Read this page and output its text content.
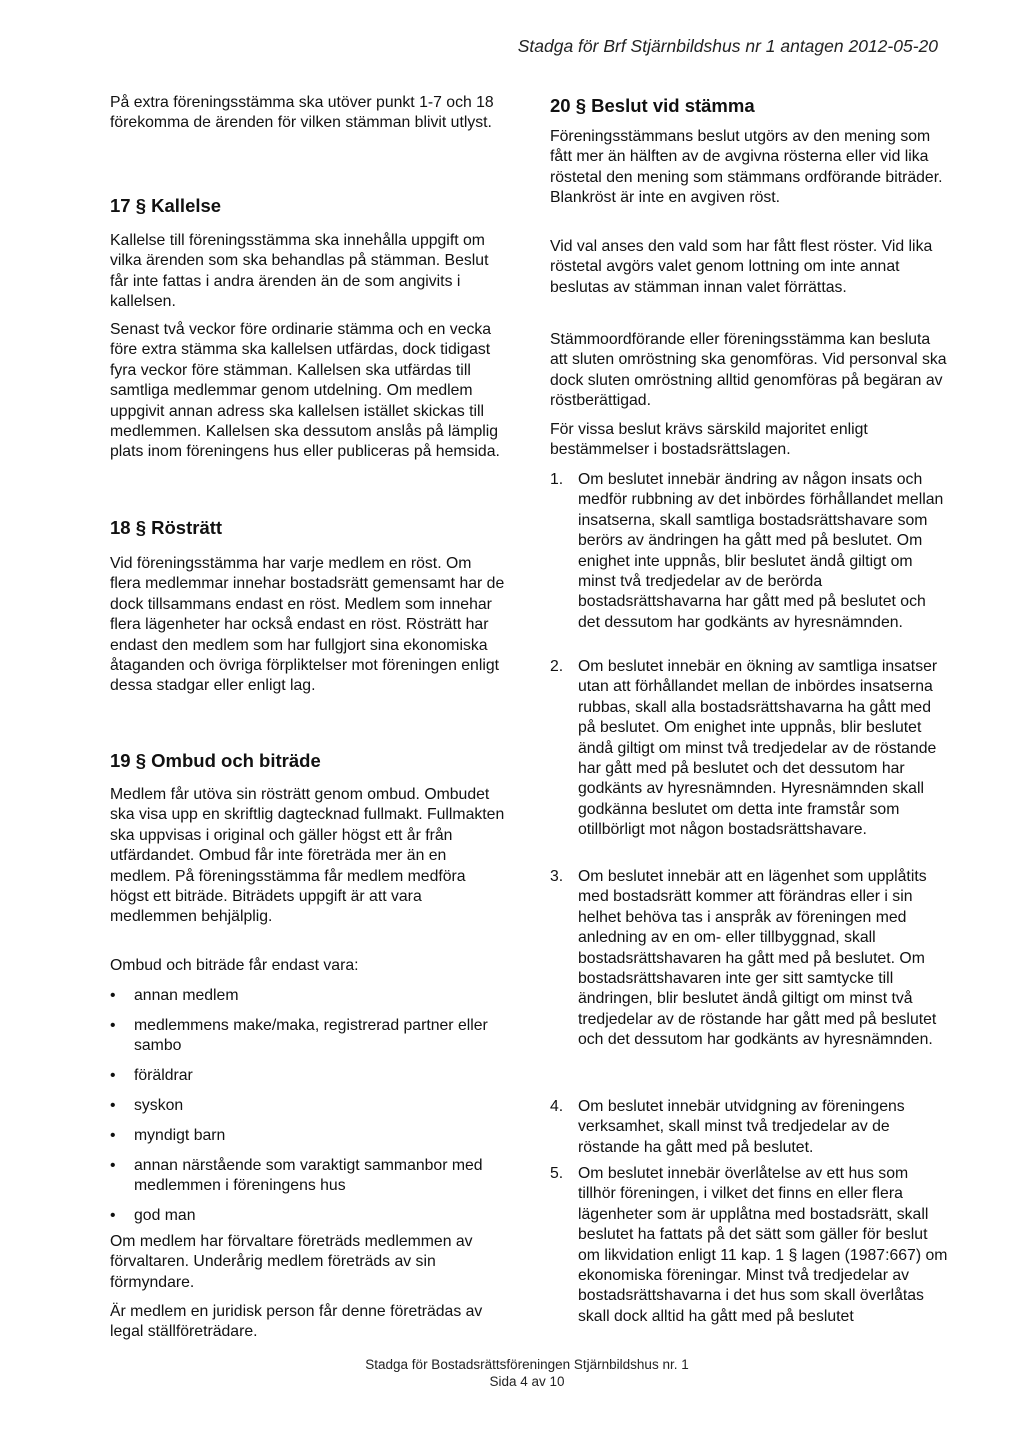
Stadga för Brf Stjärnbildshus nr 1 antagen 2012-05-20

På extra föreningsstämma ska utöver punkt 1-7 och 18 förekomma de ärenden för vilken stämman blivit utlyst.

17 § Kallelse

Kallelse till föreningsstämma ska innehålla uppgift om vilka ärenden som ska behandlas på stämman. Beslut får inte fattas i andra ärenden än de som angivits i kallelsen.

Senast två veckor före ordinarie stämma och en vecka före extra stämma ska kallelsen utfärdas, dock tidigast fyra veckor före stämman. Kallelsen ska utfärdas till samtliga medlemmar genom utdelning. Om medlem uppgivit annan adress ska kallelsen istället skickas till medlemmen. Kallelsen ska dessutom anslås på lämplig plats inom föreningens hus eller publiceras på hemsida.

18 § Rösträtt

Vid föreningsstämma har varje medlem en röst. Om flera medlemmar innehar bostadsrätt gemensamt har de dock tillsammans endast en röst. Medlem som innehar flera lägenheter har också endast en röst. Rösträtt har endast den medlem som har fullgjort sina ekonomiska åtaganden och övriga förpliktelser mot föreningen enligt dessa stadgar eller enligt lag.

19 § Ombud och biträde

Medlem får utöva sin rösträtt genom ombud. Ombudet ska visa upp en skriftlig dagtecknad fullmakt. Fullmakten ska uppvisas i original och gäller högst ett år från utfärdandet. Ombud får inte företräda mer än en medlem. På föreningsstämma får medlem medföra högst ett biträde. Biträdets uppgift är att vara medlemmen behjälplig.

Ombud och biträde får endast vara:

• annan medlem
• medlemmens make/maka, registrerad partner eller sambo
• föräldrar
• syskon
• myndigt barn
• annan närstående som varaktigt sammanbor med medlemmen i föreningens hus
• god man

Om medlem har förvaltare företräds medlemmen av förvaltaren. Underårig medlem företräds av sin förmyndare.

Är medlem en juridisk person får denne företrädas av legal ställföreträdare.

20 § Beslut vid stämma

Föreningsstämmans beslut utgörs av den mening som fått mer än hälften av de avgivna rösterna eller vid lika röstetal den mening som stämmans ordförande biträder. Blankröst är inte en avgiven röst.

Vid val anses den vald som har fått flest röster. Vid lika röstetal avgörs valet genom lottning om inte annat beslutas av stämman innan valet förrättas.

Stämmoordförande eller föreningsstämma kan besluta att sluten omröstning ska genomföras. Vid personval ska dock sluten omröstning alltid genomföras på begäran av röstberättigad.

För vissa beslut krävs särskild majoritet enligt bestämmelser i bostadsrättslagen.

1. Om beslutet innebär ändring av någon insats och medför rubbning av det inbördes förhållandet mellan insatserna, skall samtliga bostadsrättshavare som berörs av ändringen ha gått med på beslutet. Om enighet inte uppnås, blir beslutet ändå giltigt om minst två tredjedelar av de berörda bostadsrättshavarna har gått med på beslutet och det dessutom har godkänts av hyresnämnden.
2. Om beslutet innebär en ökning av samtliga insatser utan att förhållandet mellan de inbördes insatserna rubbas, skall alla bostadsrättshavarna ha gått med på beslutet. Om enighet inte uppnås, blir beslutet ändå giltigt om minst två tredjedelar av de röstande har gått med på beslutet och det dessutom har godkänts av hyresnämnden. Hyresnämnden skall godkänna beslutet om detta inte framstår som otillbörligt mot någon bostadsrättshavare.
3. Om beslutet innebär att en lägenhet som upplåtits med bostadsrätt kommer att förändras eller i sin helhet behöva tas i anspråk av föreningen med anledning av en om- eller tillbyggnad, skall bostadsrättshavaren ha gått med på beslutet. Om bostadsrättshavaren inte ger sitt samtycke till ändringen, blir beslutet ändå giltigt om minst två tredjedelar av de röstande har gått med på beslutet och det dessutom har godkänts av hyresnämnden.
4. Om beslutet innebär utvidgning av föreningens verksamhet, skall minst två tredjedelar av de röstande ha gått med på beslutet.
5. Om beslutet innebär överlåtelse av ett hus som tillhör föreningen, i vilket det finns en eller flera lägenheter som är upplåtna med bostadsrätt, skall beslutet ha fattats på det sätt som gäller för beslut om likvidation enligt 11 kap. 1 § lagen (1987:667) om ekonomiska föreningar. Minst två tredjedelar av bostadsrättshavarna i det hus som skall överlåtas skall dock alltid ha gått med på beslutet
Stadga för Bostadsrättsföreningen Stjärnbildshus nr. 1
Sida 4 av 10
